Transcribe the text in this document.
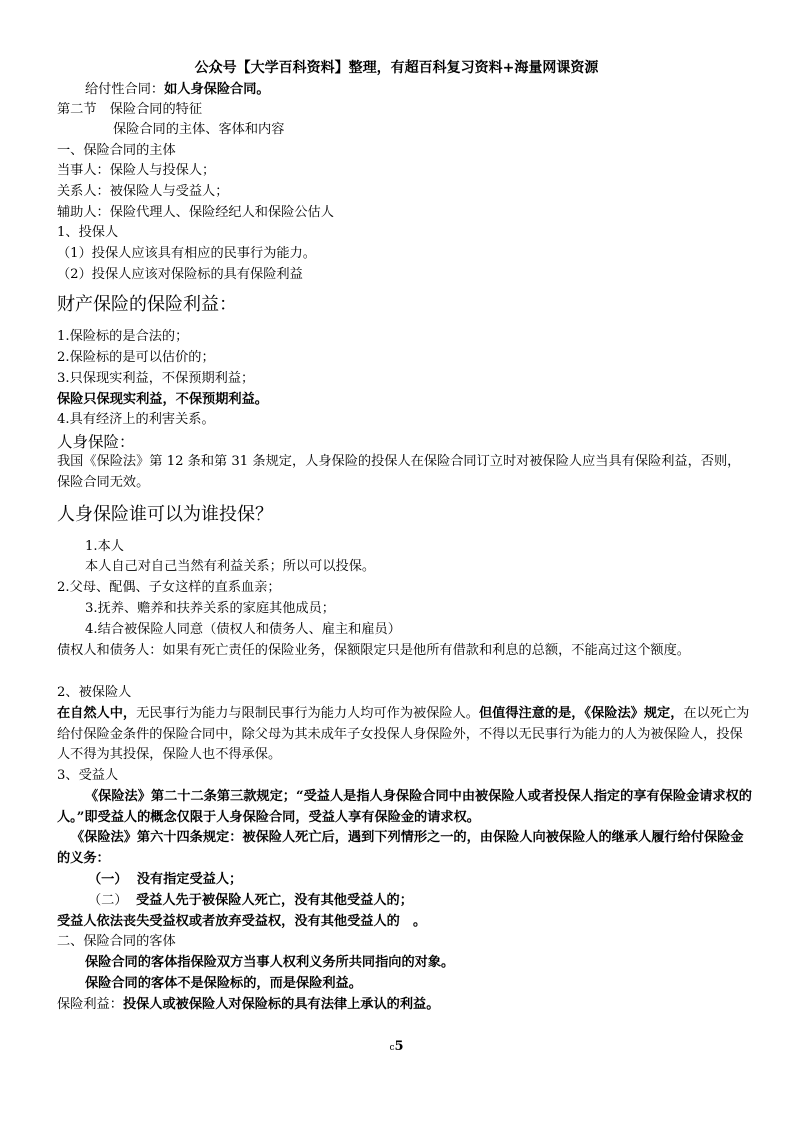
公众号【大学百科资料】整理，有超百科复习资料+海量网课资源
给付性合同：如人身保险合同。
第二节　保险合同的特征
保险合同的主体、客体和内容
一、保险合同的主体
当事人：保险人与投保人；
关系人：被保险人与受益人；
辅助人：保险代理人、保险经纪人和保险公估人
1、投保人
（1）投保人应该具有相应的民事行为能力。
（2）投保人应该对保险标的具有保险利益
财产保险的保险利益：
1.保险标的是合法的；
2.保险标的是可以估价的；
3.只保现实利益，不保预期利益；
保险只保现实利益，不保预期利益。
4.具有经济上的利害关系。
人身保险：
我国《保险法》第 12 条和第 31 条规定，人身保险的投保人在保险合同订立时对被保险人应当具有保险利益，否则，保险合同无效。
人身保险谁可以为谁投保？
1.本人
本人自己对自己当然有利益关系；所以可以投保。
2.父母、配偶、子女这样的直系血亲；
3.抚养、赡养和扶养关系的家庭其他成员；
4.结合被保险人同意（债权人和债务人、雇主和雇员）
债权人和债务人：如果有死亡责任的保险业务，保额限定只是他所有借款和利息的总额，不能高过这个额度。
2、被保险人
在自然人中，无民事行为能力与限制民事行为能力人均可作为被保险人。但值得注意的是，《保险法》规定，在以死亡为给付保险金条件的保险合同中，除父母为其未成年子女投保人身保险外，不得以无民事行为能力的人为被保险人，投保人不得为其投保，保险人也不得承保。
3、受益人
《保险法》第二十二条第三款规定；“受益人是指人身保险合同中由被保险人或者投保人指定的享有保险金请求权的人。”即受益人的概念仅限于人身保险合同，受益人享有保险金的请求权。
《保险法》第六十四条规定：被保险人死亡后，遇到下列情形之一的，由保险人向被保险人的继承人履行给付保险金的义务：
（一） 没有指定受益人；
（二） 受益人先于被保险人死亡，没有其他受益人的；
受益人依法丧失受益权或者放弃受益权，没有其他受益人的　。
二、保险合同的客体
保险合同的客体指保险双方当事人权利义务所共同指向的对象。
保险合同的客体不是保险标的，而是保险利益。
保险利益：投保人或被保险人对保险标的具有法律上承认的利益。
c5
